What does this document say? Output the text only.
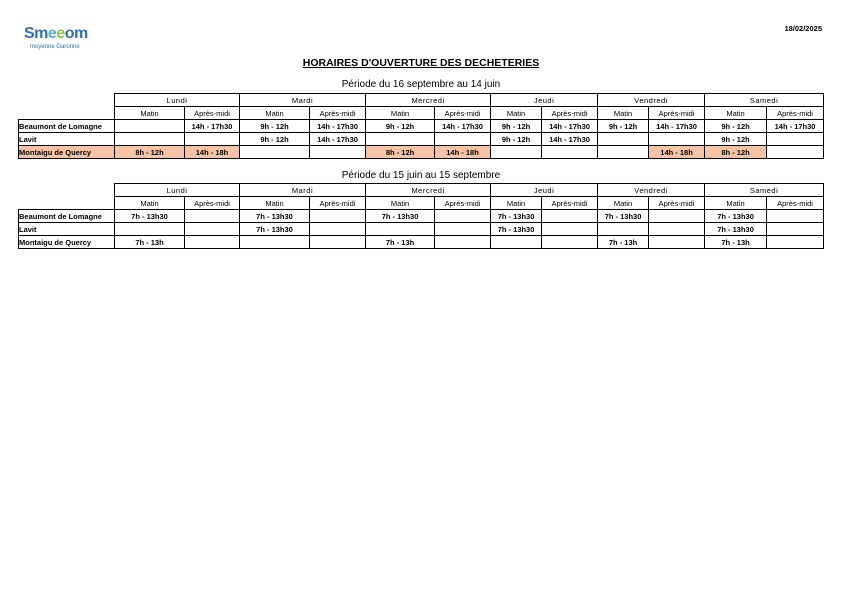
Smeeom
moyenne Garonne
18/02/2025
HORAIRES D'OUVERTURE DES DECHETERIES
Période du 16 septembre au 14 juin
	Lundi		Mardi		Mercredi		Jeudi		Vendredi		Samedi	
	Matin	Après-midi	Matin	Après-midi	Matin	Après-midi	Matin	Après-midi	Matin	Après-midi	Matin	Après-midi
Beaumont de Lomagne		14h - 17h30	9h - 12h	14h - 17h30	9h - 12h	14h - 17h30	9h - 12h	14h - 17h30	9h - 12h	14h - 17h30	9h - 12h	14h - 17h30
Lavit			9h - 12h	14h - 17h30			9h - 12h	14h - 17h30			9h - 12h	
Montaigu de Quercy	8h - 12h	14h - 18h			8h - 12h	14h - 18h				14h - 18h	8h - 12h	
Période du 15 juin au 15 septembre
	Lundi		Mardi		Mercredi		Jeudi		Vendredi		Samedi	
	Matin	Après-midi	Matin	Après-midi	Matin	Après-midi	Matin	Après-midi	Matin	Après-midi	Matin	Après-midi
Beaumont de Lomagne	7h - 13h30		7h - 13h30		7h - 13h30		7h - 13h30		7h - 13h30		7h - 13h30	
Lavit			7h - 13h30				7h - 13h30				7h - 13h30	
Montaigu de Quercy	7h - 13h				7h - 13h				7h - 13h		7h - 13h	
